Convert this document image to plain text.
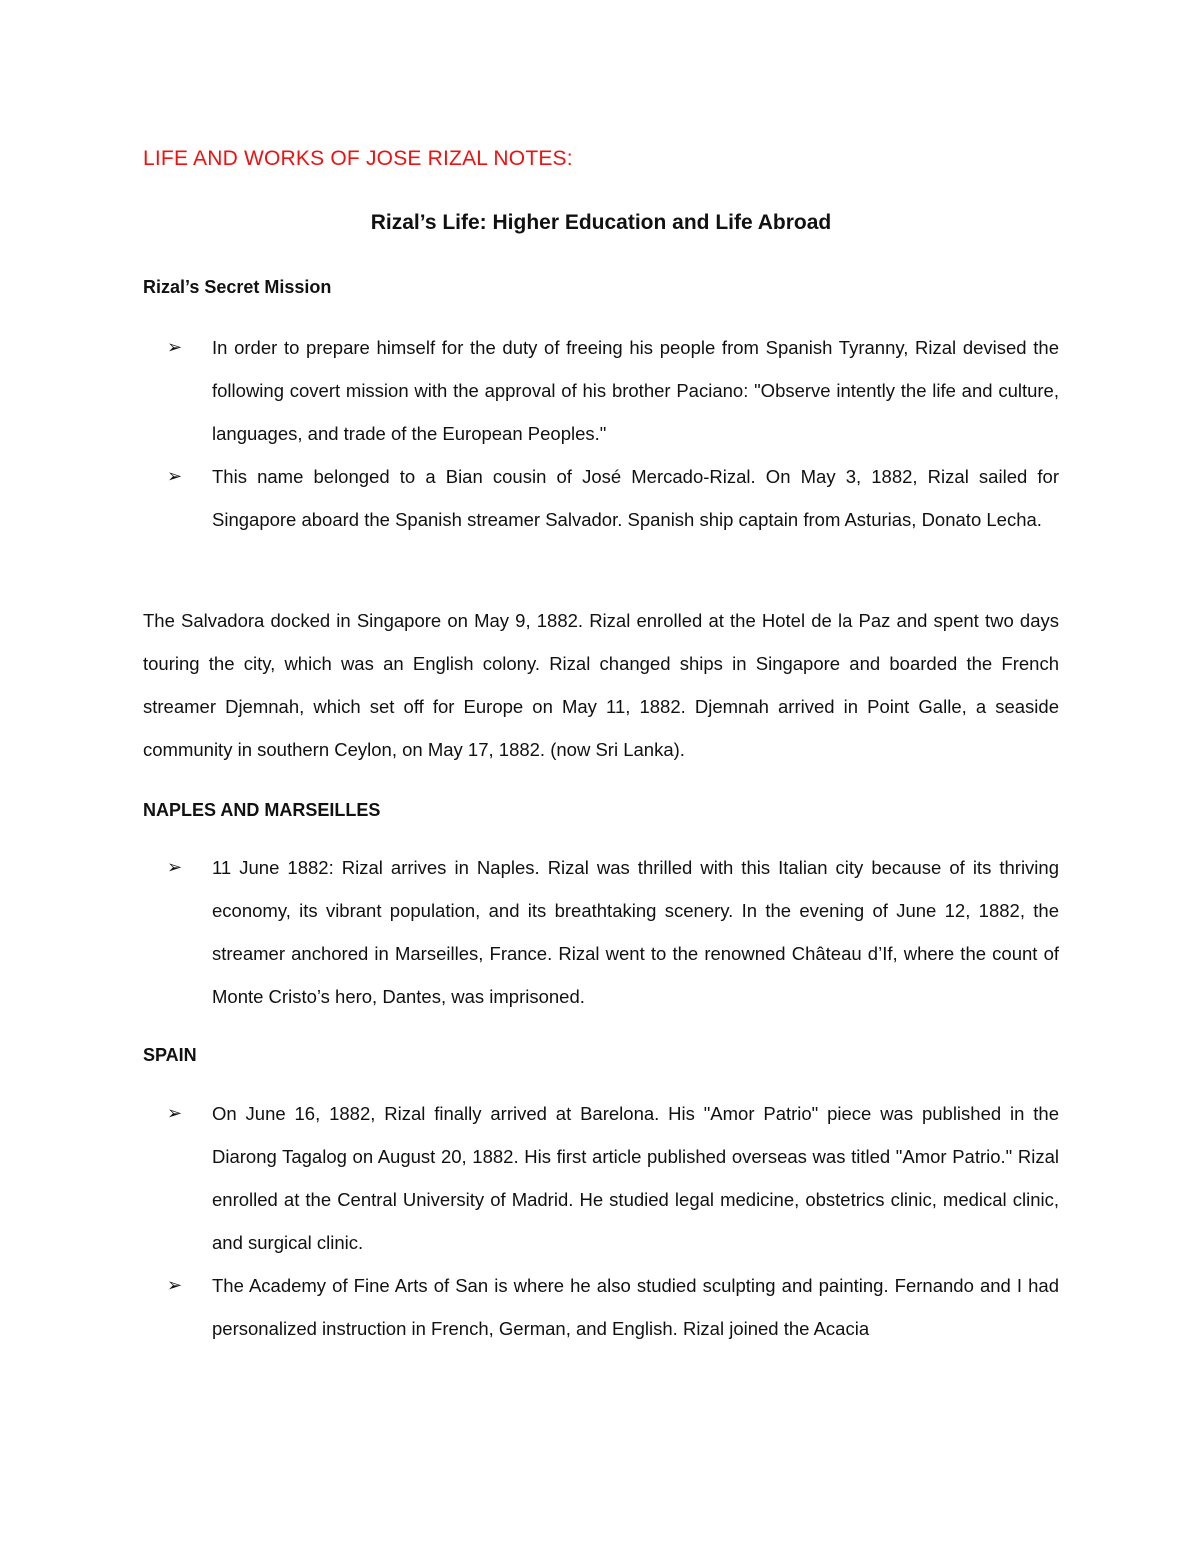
LIFE AND WORKS OF JOSE RIZAL NOTES:
Rizal’s Life: Higher Education and Life Abroad
Rizal’s Secret Mission
➢	In order to prepare himself for the duty of freeing his people from Spanish Tyranny, Rizal devised the following covert mission with the approval of his brother Paciano: "Observe intently the life and culture, languages, and trade of the European Peoples."
➢	This name belonged to a Bian cousin of José Mercado-Rizal. On May 3, 1882, Rizal sailed for Singapore aboard the Spanish streamer Salvador. Spanish ship captain from Asturias, Donato Lecha.

The Salvadora docked in Singapore on May 9, 1882. Rizal enrolled at the Hotel de la Paz and spent two days touring the city, which was an English colony. Rizal changed ships in Singapore and boarded the French streamer Djemnah, which set off for Europe on May 11, 1882. Djemnah arrived in Point Galle, a seaside community in southern Ceylon, on May 17, 1882. (now Sri Lanka).

NAPLES AND MARSEILLES
➢	11 June 1882: Rizal arrives in Naples. Rizal was thrilled with this Italian city because of its thriving economy, its vibrant population, and its breathtaking scenery. In the evening of June 12, 1882, the streamer anchored in Marseilles, France. Rizal went to the renowned Château d’If, where the count of Monte Cristo’s hero, Dantes, was imprisoned.
SPAIN
➢	On June 16, 1882, Rizal finally arrived at Barelona. His "Amor Patrio" piece was published in the Diarong Tagalog on August 20, 1882. His first article published overseas was titled "Amor Patrio." Rizal enrolled at the Central University of Madrid. He studied legal medicine, obstetrics clinic, medical clinic, and surgical clinic.
➢	The Academy of Fine Arts of San is where he also studied sculpting and painting. Fernando and I had personalized instruction in French, German, and English. Rizal joined the Acacia
